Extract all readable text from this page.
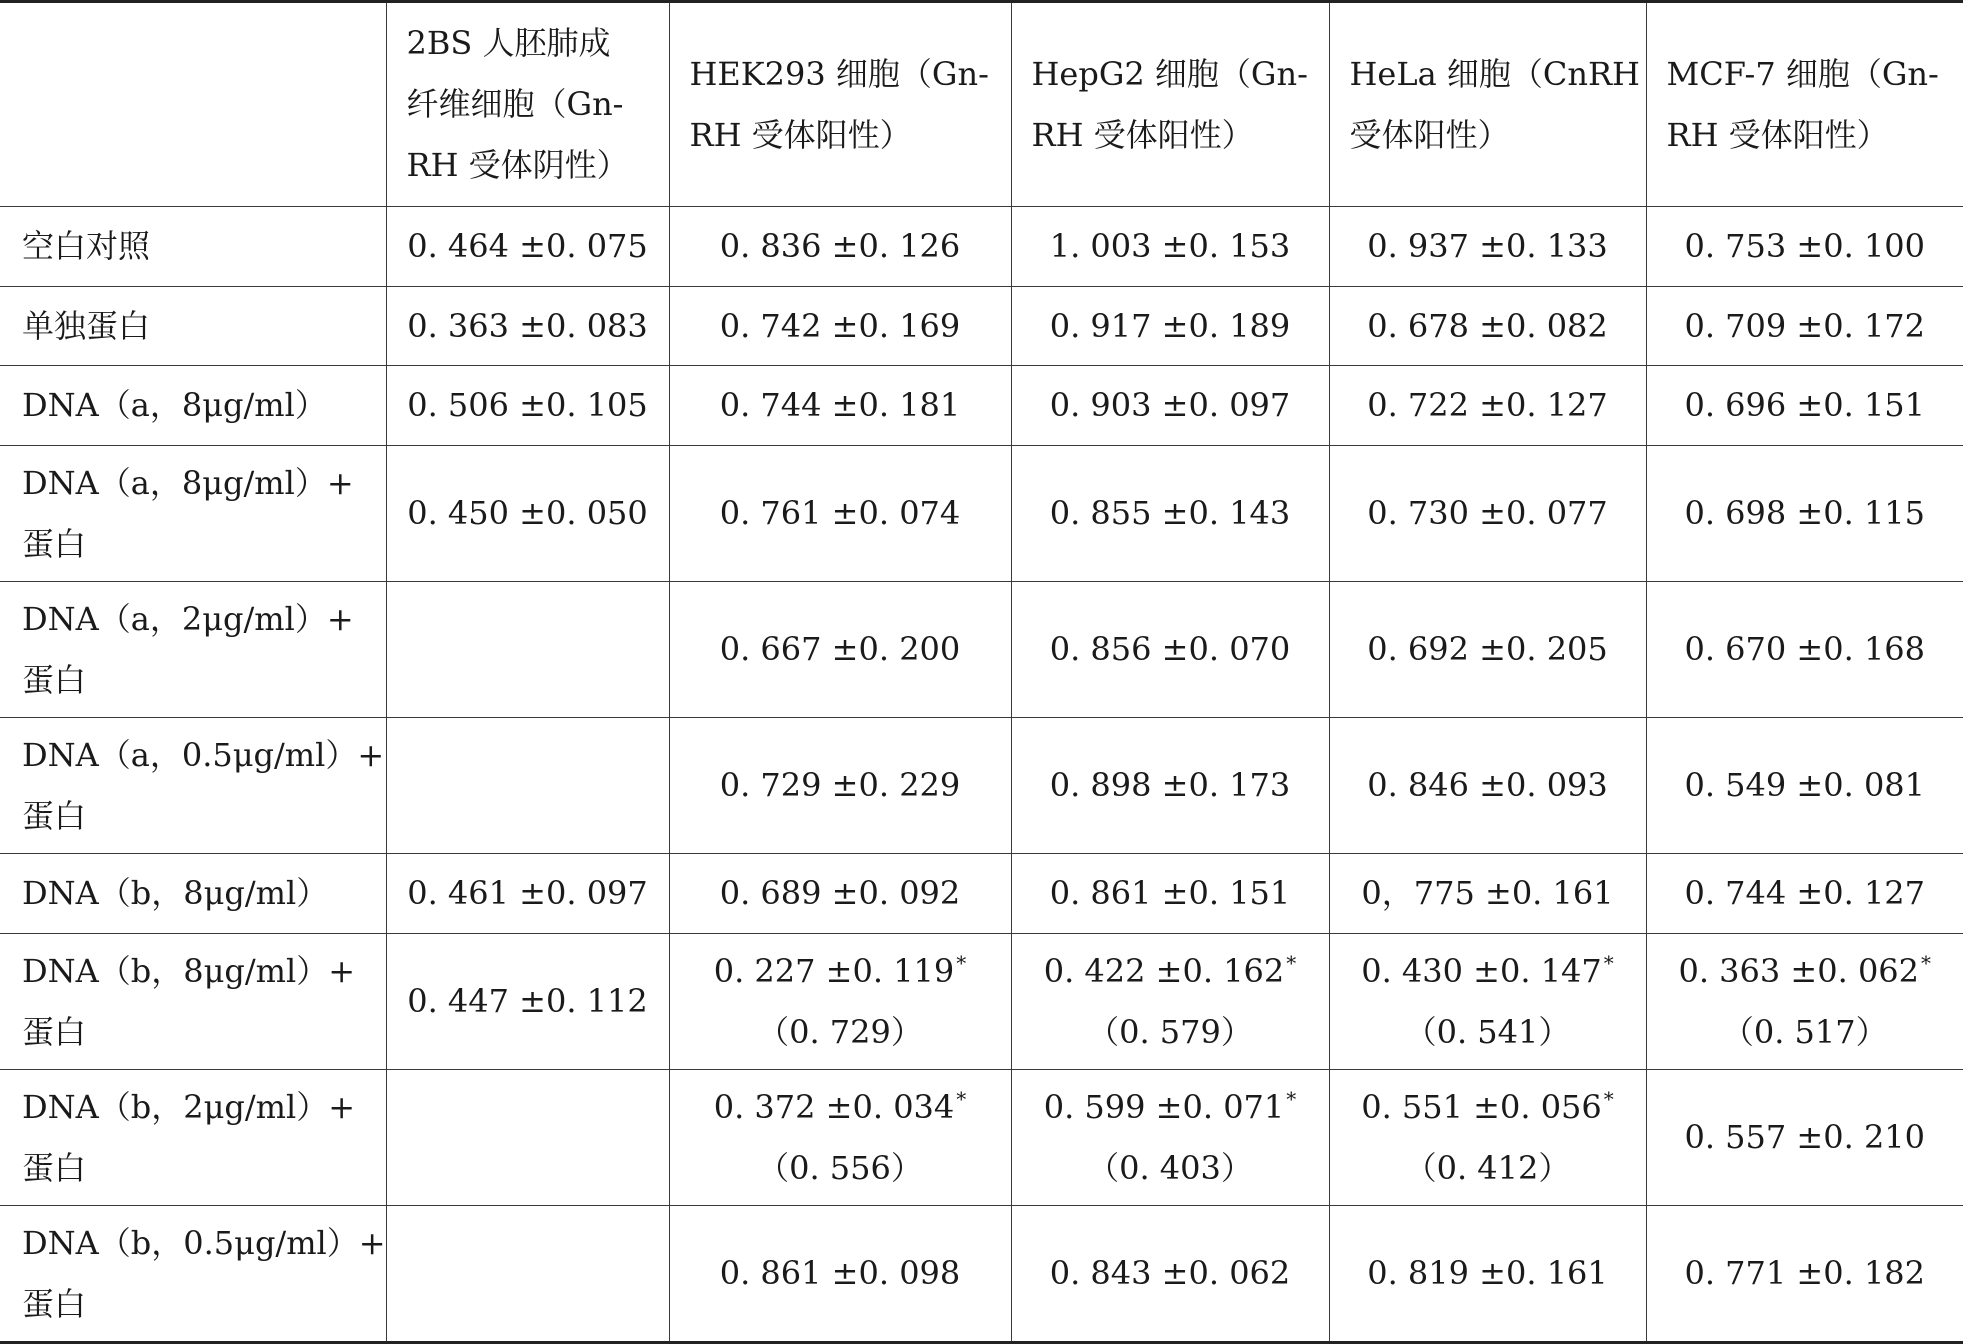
	2BS 人胚肺成
纤维细胞（Gn-
RH 受体阴性）	HEK293 细胞（Gn-
RH 受体阳性）	HepG2 细胞（Gn-
RH 受体阳性）	HeLa 细胞（CnRH
受体阳性）	MCF-7 细胞（Gn-
RH 受体阳性）

空白对照	0. 464 ±0. 075	0. 836 ±0. 126	1. 003 ±0. 153	0. 937 ±0. 133	0. 753 ±0. 100

单独蛋白	0. 363 ±0. 083	0. 742 ±0. 169	0. 917 ±0. 189	0. 678 ±0. 082	0. 709 ±0. 172

DNA（a，8μg/ml）	0. 506 ±0. 105	0. 744 ±0. 181	0. 903 ±0. 097	0. 722 ±0. 127	0. 696 ±0. 151

DNA（a，8μg/ml）+
蛋白	0. 450 ±0. 050	0. 761 ±0. 074	0. 855 ±0. 143	0. 730 ±0. 077	0. 698 ±0. 115

DNA（a，2μg/ml）+
蛋白		0. 667 ±0. 200	0. 856 ±0. 070	0. 692 ±0. 205	0. 670 ±0. 168

DNA（a，0.5μg/ml）+
蛋白		0. 729 ±0. 229	0. 898 ±0. 173	0. 846 ±0. 093	0. 549 ±0. 081

DNA（b，8μg/ml）	0. 461 ±0. 097	0. 689 ±0. 092	0. 861 ±0. 151	0，775 ±0. 161	0. 744 ±0. 127

DNA（b，8μg/ml）+
蛋白	0. 447 ±0. 112	0. 227 ±0. 119 *
（0. 729）	0. 422 ±0. 162 *
（0. 579）	0. 430 ±0. 147 *
（0. 541）	0. 363 ±0. 062 *
（0. 517）

DNA（b，2μg/ml）+
蛋白		0. 372 ±0. 034 *
（0. 556）	0. 599 ±0. 071 *
（0. 403）	0. 551 ±0. 056 *
（0. 412）	0. 557 ±0. 210

DNA（b，0.5μg/ml）+
蛋白		0. 861 ±0. 098	0. 843 ±0. 062	0. 819 ±0. 161	0. 771 ±0. 182
